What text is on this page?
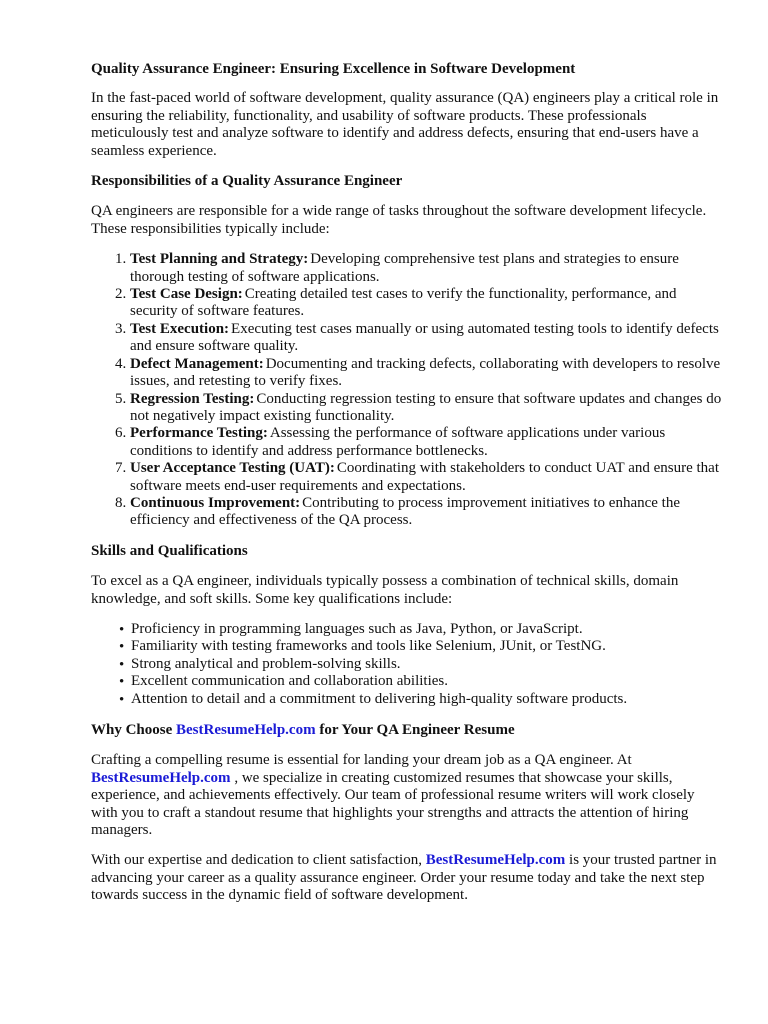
Quality Assurance Engineer: Ensuring Excellence in Software Development

In the fast-paced world of software development, quality assurance (QA) engineers play a critical role in ensuring the reliability, functionality, and usability of software products. These professionals meticulously test and analyze software to identify and address defects, ensuring that end-users have a seamless experience.

Responsibilities of a Quality Assurance Engineer

QA engineers are responsible for a wide range of tasks throughout the software development lifecycle. These responsibilities typically include:

1. Test Planning and Strategy: Developing comprehensive test plans and strategies to ensure thorough testing of software applications.
2. Test Case Design: Creating detailed test cases to verify the functionality, performance, and security of software features.
3. Test Execution: Executing test cases manually or using automated testing tools to identify defects and ensure software quality.
4. Defect Management: Documenting and tracking defects, collaborating with developers to resolve issues, and retesting to verify fixes.
5. Regression Testing: Conducting regression testing to ensure that software updates and changes do not negatively impact existing functionality.
6. Performance Testing: Assessing the performance of software applications under various conditions to identify and address performance bottlenecks.
7. User Acceptance Testing (UAT): Coordinating with stakeholders to conduct UAT and ensure that software meets end-user requirements and expectations.
8. Continuous Improvement: Contributing to process improvement initiatives to enhance the efficiency and effectiveness of the QA process.
Skills and Qualifications

To excel as a QA engineer, individuals typically possess a combination of technical skills, domain knowledge, and soft skills. Some key qualifications include:

• Proficiency in programming languages such as Java, Python, or JavaScript.
• Familiarity with testing frameworks and tools like Selenium, JUnit, or TestNG.
• Strong analytical and problem-solving skills.
• Excellent communication and collaboration abilities.
• Attention to detail and a commitment to delivering high-quality software products.
Why Choose BestResumeHelp.com for Your QA Engineer Resume

Crafting a compelling resume is essential for landing your dream job as a QA engineer. At BestResumeHelp.com , we specialize in creating customized resumes that showcase your skills, experience, and achievements effectively. Our team of professional resume writers will work closely with you to craft a standout resume that highlights your strengths and attracts the attention of hiring managers.

With our expertise and dedication to client satisfaction, BestResumeHelp.com is your trusted partner in advancing your career as a quality assurance engineer. Order your resume today and take the next step towards success in the dynamic field of software development.
